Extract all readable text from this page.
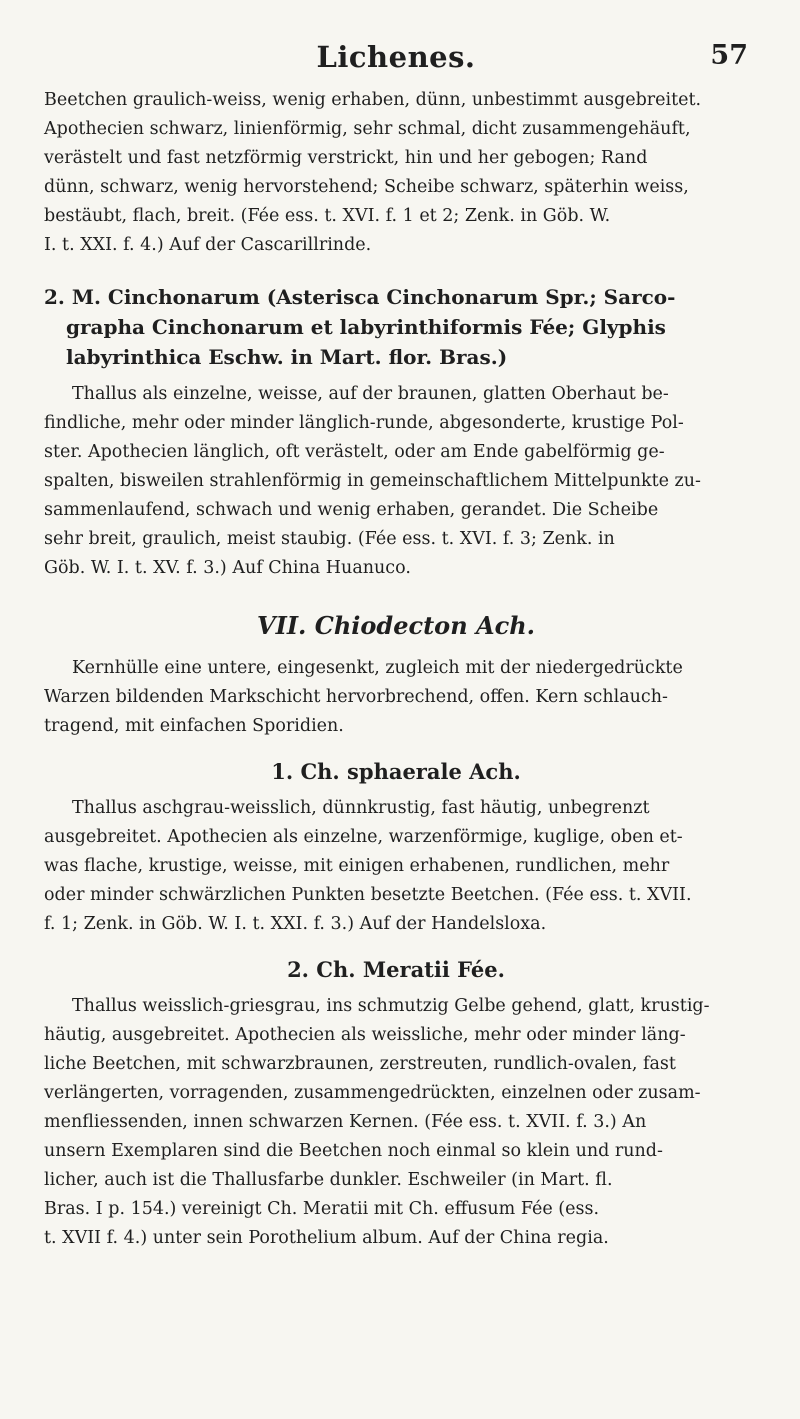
Lichenes.	57

Beetchen graulich-weiss, wenig erhaben, dünn, unbestimmt ausgebreitet.

Apothecien schwarz, linienförmig, sehr schmal, dicht zusammengehäuft,

verästelt und fast netzförmig verstrickt, hin und her gebogen; Rand

dünn, schwarz, wenig hervorstehend; Scheibe schwarz, späterhin weiss,

bestäubt, flach, breit. (Fée ess. t. XVI. f. 1 et 2; Zenk. in Göb. W.

I. t. XXI. f. 4.) Auf der Cascarillrinde.

2. M. Cinchonarum (Asterisca Cinchonarum Spr.; Sarco-
grapha Cinchonarum et labyrinthiformis Fée; Glyphis
labyrinthica Eschw. in Mart. flor. Bras.)

Thallus als einzelne, weisse, auf der braunen, glatten Oberhaut be-

findliche, mehr oder minder länglich-runde, abgesonderte, krustige Pol-

ster. Apothecien länglich, oft verästelt, oder am Ende gabelförmig ge-

spalten, bisweilen strahlenförmig in gemeinschaftlichem Mittelpunkte zu-

sammenlaufend, schwach und wenig erhaben, gerandet. Die Scheibe

sehr breit, graulich, meist staubig. (Fée ess. t. XVI. f. 3; Zenk. in

Göb. W. I. t. XV. f. 3.) Auf China Huanuco.

VII. Chiodecton Ach.

Kernhülle eine untere, eingesenkt, zugleich mit der niedergedrückte

Warzen bildenden Markschicht hervorbrechend, offen. Kern schlauch-

tragend, mit einfachen Sporidien.

1. Ch. sphaerale Ach.

Thallus aschgrau-weisslich, dünnkrustig, fast häutig, unbegrenzt

ausgebreitet. Apothecien als einzelne, warzenförmige, kuglige, oben et-

was flache, krustige, weisse, mit einigen erhabenen, rundlichen, mehr

oder minder schwärzlichen Punkten besetzte Beetchen. (Fée ess. t. XVII.

f. 1; Zenk. in Göb. W. I. t. XXI. f. 3.) Auf der Handelsloxa.

2. Ch. Meratii Fée.

Thallus weisslich-griesgrau, ins schmutzig Gelbe gehend, glatt, krustig-

häutig, ausgebreitet. Apothecien als weissliche, mehr oder minder läng-

liche Beetchen, mit schwarzbraunen, zerstreuten, rundlich-ovalen, fast

verlängerten, vorragenden, zusammengedrückten, einzelnen oder zusam-

menfliessenden, innen schwarzen Kernen. (Fée ess. t. XVII. f. 3.) An

unsern Exemplaren sind die Beetchen noch einmal so klein und rund-

licher, auch ist die Thallusfarbe dunkler. Eschweiler (in Mart. fl.

Bras. I p. 154.) vereinigt Ch. Meratii mit Ch. effusum Fée (ess.

t. XVII f. 4.) unter sein Porothelium album. Auf der China regia.
